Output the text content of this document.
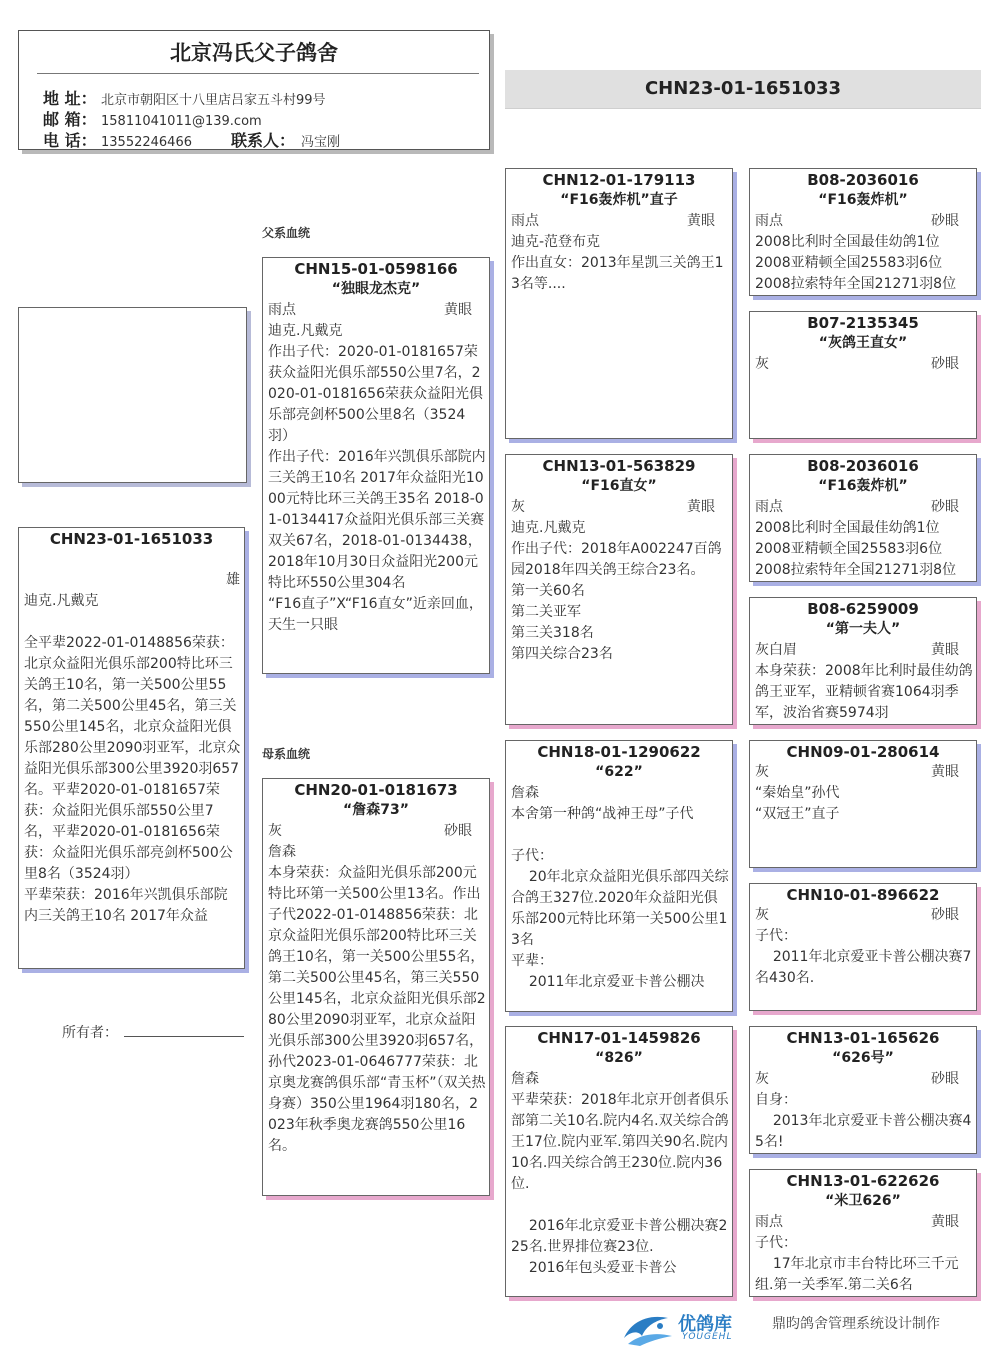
北京冯氏父子鸽舍
地 址： 北京市朝阳区十八里店吕家五斗村99号
邮 箱： 15811041011@139.com
电 话： 13552246466 联系人： 冯宝刚
CHN23-01-1651033
父系血统
母系血统
CHN23-01-1651033
雄
迪克.凡戴克
全平辈2022-01-0148856荣获：北京众益阳光俱乐部200特比环三关鸽王10名，第一关500公里55名，第二关500公里45名，第三关550公里145名，北京众益阳光俱乐部280公里2090羽亚军，北京众益阳光俱乐部300公里3920羽657名。平辈2020-01-0181657荣获：众益阳光俱乐部550公里7名，平辈2020-01-0181656荣获：众益阳光俱乐部亮剑杯500公里8名（3524羽）
平辈荣获：2016年兴凯俱乐部院内三关鸽王10名 2017年众益
CHN15-01-0598166
“独眼龙杰克”
雨点	黄眼
迪克.凡戴克
作出子代：2020-01-0181657荣获众益阳光俱乐部550公里7名，2020-01-0181656荣获众益阳光俱乐部亮剑杯500公里8名（3524羽）
作出子代：2016年兴凯俱乐部院内三关鸽王10名 2017年众益阳光1000元特比环三关鸽王35名 2018-01-0134417众益阳光俱乐部三关赛双关67名，2018-01-0134438，2018年10月30日众益阳光200元特比环550公里304名
“F16直子”X“F16直女”近亲回血，天生一只眼
CHN20-01-0181673
“詹森73”
灰	砂眼
詹森
本身荣获：众益阳光俱乐部200元特比环第一关500公里13名。作出子代2022-01-0148856荣获：北京众益阳光俱乐部200特比环三关鸽王10名，第一关500公里55名，第二关500公里45名，第三关550公里145名，北京众益阳光俱乐部280公里2090羽亚军，北京众益阳光俱乐部300公里3920羽657名，孙代2023-01-0646777荣获：北京奥龙赛鸽俱乐部“青玉杯”（双关热身赛）350公里1964羽180名，2023年秋季奥龙赛鸽550公里16名。
CHN12-01-179113
“F16轰炸机”直子
雨点	黄眼
迪克-范登布克
作出直女：2013年星凯三关鸽王13名等....
CHN13-01-563829
“F16直女”
灰	黄眼
迪克.凡戴克
作出子代：2018年A002247百鸽园2018年四关鸽王综合23名。
第一关60名
第二关亚军
第三关318名
第四关综合23名
CHN18-01-1290622
“622”
詹森
本舍第一种鸽“战神王母”子代

子代：
20年北京众益阳光俱乐部四关综合鸽王327位.2020年众益阳光俱乐部200元特比环第一关500公里13名
平辈：
2011年北京爱亚卡普公棚决
CHN17-01-1459826
“826”
詹森
平辈荣获：2018年北京开创者俱乐部第二关10名.院内4名.双关综合鸽王17位.院内亚军.第四关90名.院内10名.四关综合鸽王230位.院内36位.

2016年北京爱亚卡普公棚决赛225名.世界排位赛23位.
2016年包头爱亚卡普公
B08-2036016
“F16轰炸机”
雨点	砂眼
2008比利时全国最佳幼鸽1位
2008亚精顿全国25583羽6位
2008拉索特年全国21271羽8位
B07-2135345
“灰鸽王直女”
灰	砂眼
B08-2036016
“F16轰炸机”
雨点	砂眼
2008比利时全国最佳幼鸽1位
2008亚精顿全国25583羽6位
2008拉索特年全国21271羽8位
B08-6259009
“第一夫人”
灰白眉	黄眼
本身荣获：2008年比利时最佳幼鸽鸽王亚军，亚精顿省赛1064羽季军，波治省赛5974羽
CHN09-01-280614
灰	黄眼
“秦始皇”孙代
“双冠王”直子
CHN10-01-896622
灰	砂眼
子代：
2011年北京爱亚卡普公棚决赛7名430名.
CHN13-01-165626
“626号”
灰	砂眼
自身：
2013年北京爱亚卡普公棚决赛45名!
CHN13-01-622626
“米卫626”
雨点	黄眼
子代：
17年北京市丰台特比环三千元组.第一关季军.第二关6名
所有者：
优鸽库
YOUGEHL
鼎昀鸽舍管理系统设计制作
